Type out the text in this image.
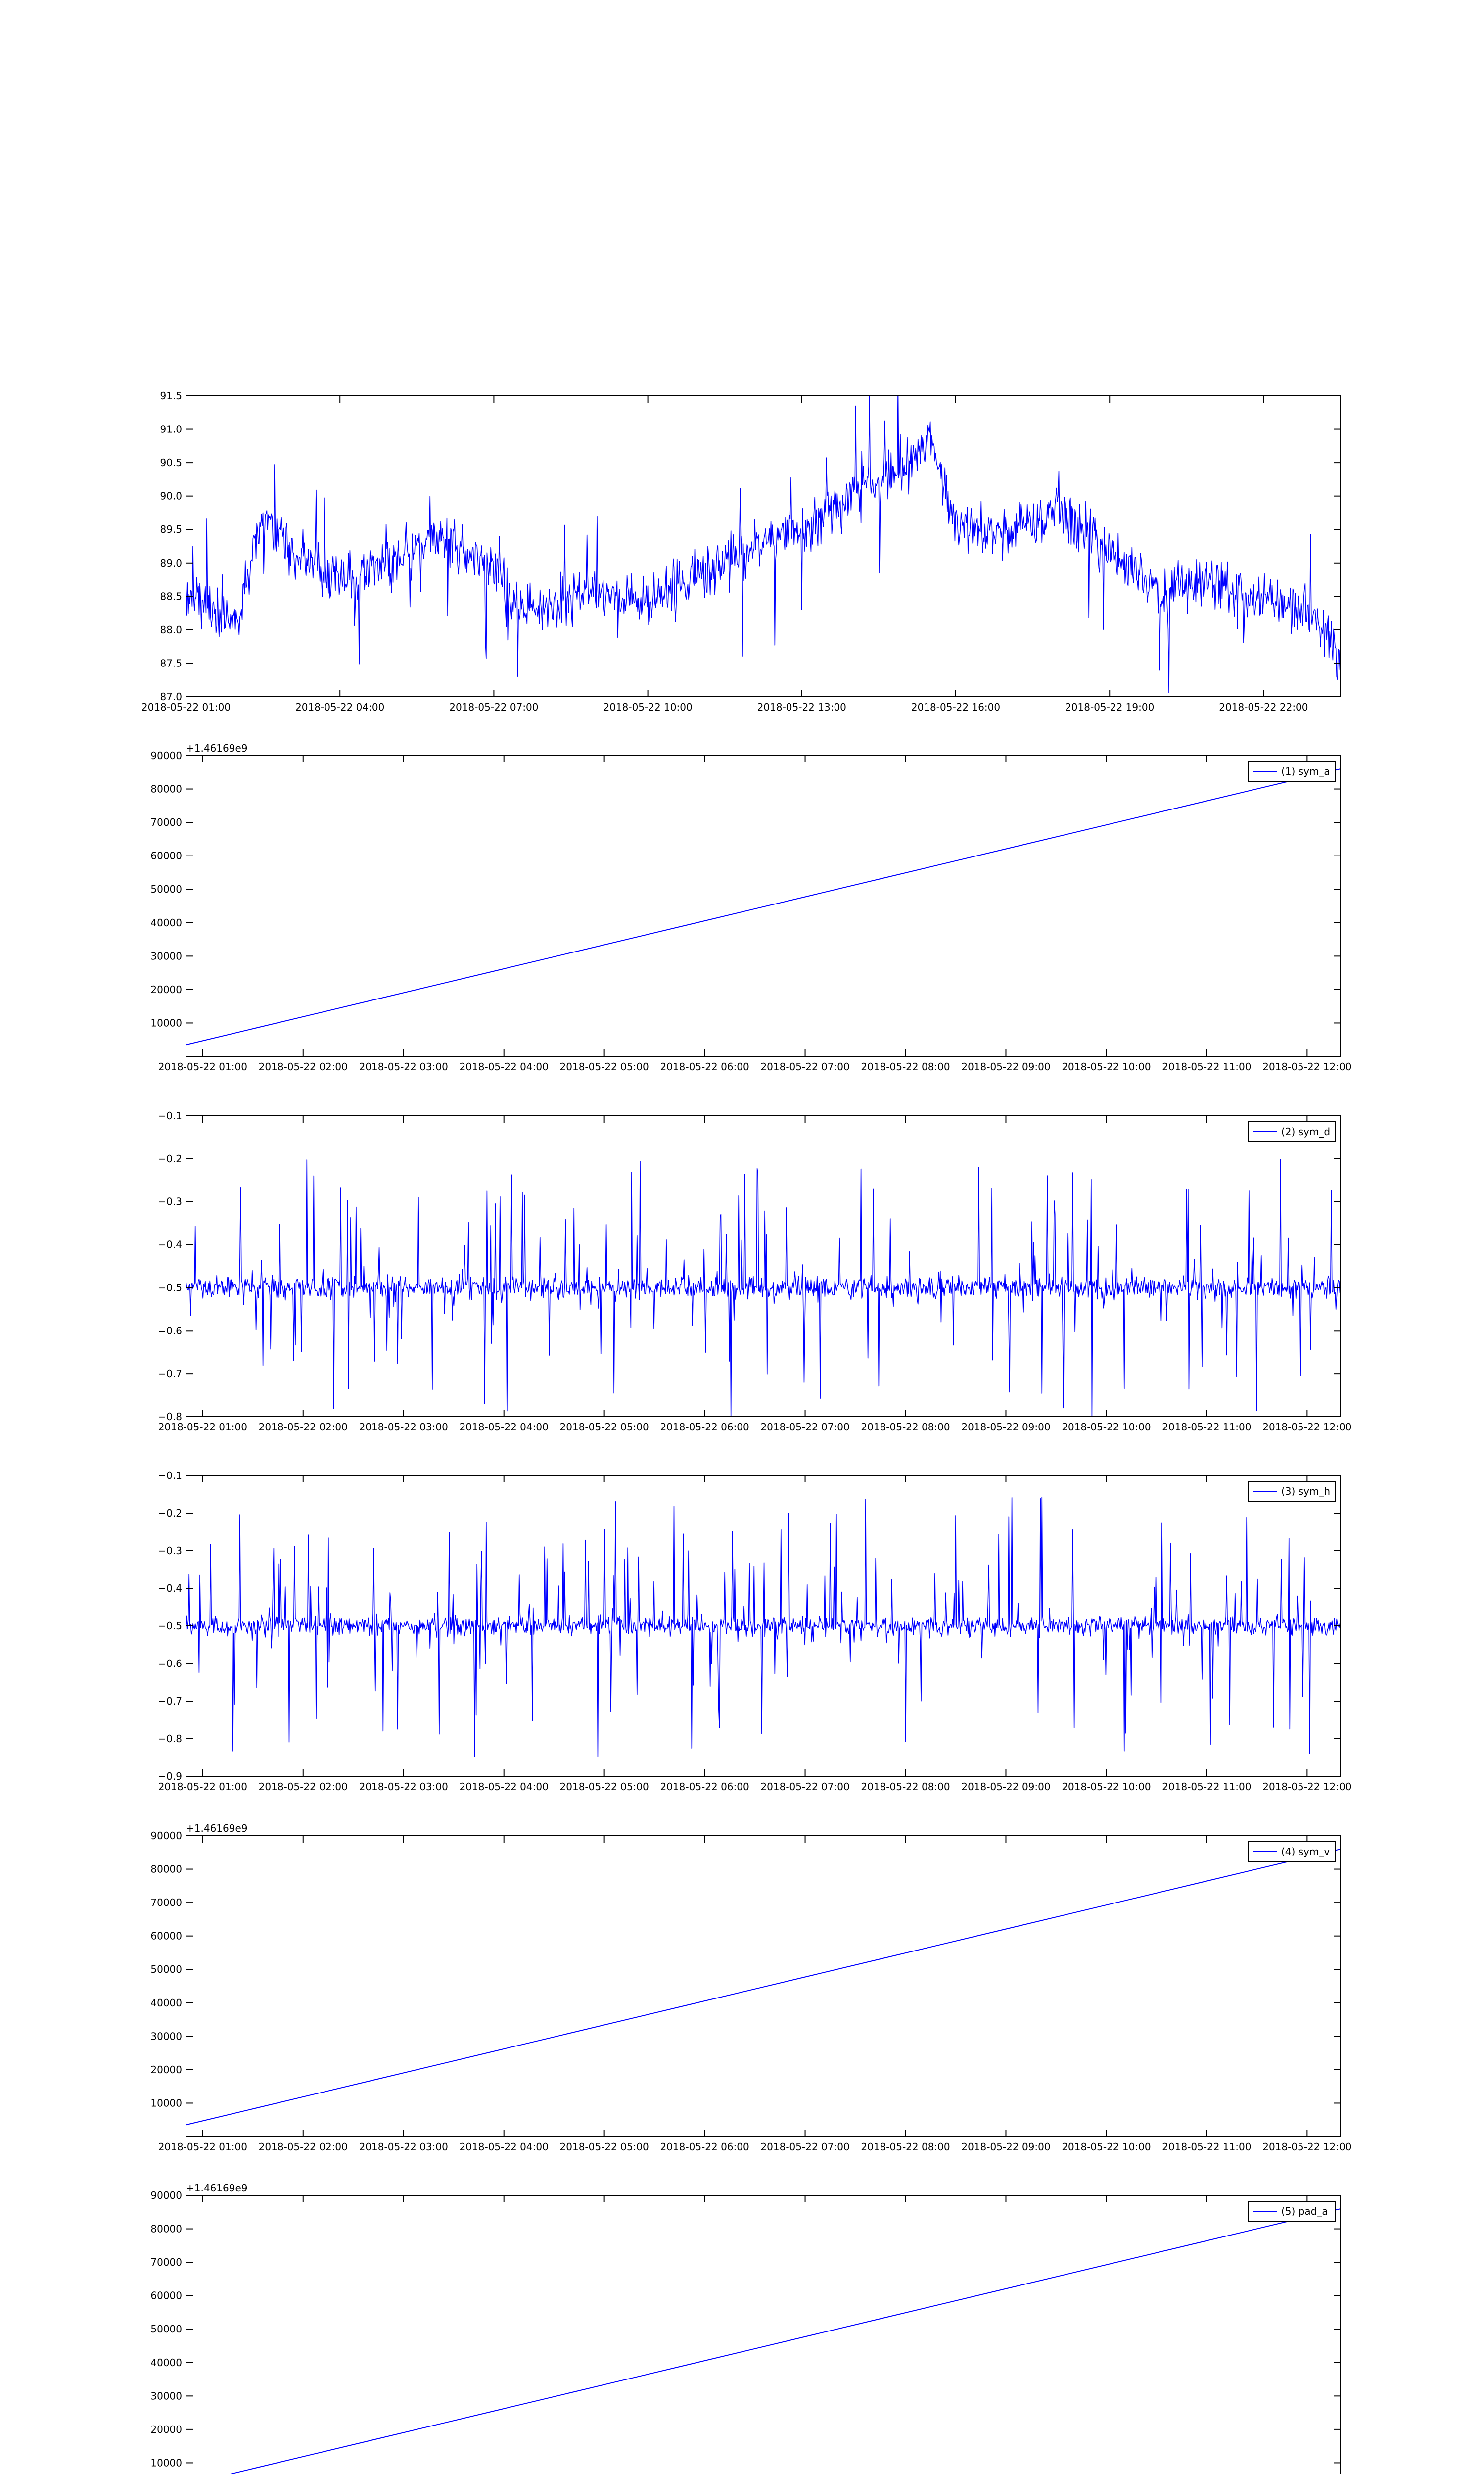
2018-05-22 01:00	2018-05-22 04:00	2018-05-22 07:00	2018-05-22 10:00	2018-05-22 13:00	2018-05-22 16:00	2018-05-22 19:00	2018-05-22 22:00
87.0
87.5
88.0
88.5
89.0
89.5
90.0
90.5
91.0
91.5
2018-05-22 01:00 2018-05-22 02:00 2018-05-22 03:00 2018-05-22 04:00 2018-05-22 05:00 2018-05-22 06:00 2018-05-22 07:00 2018-05-22 08:00 2018-05-22 09:00 2018-05-22 10:00 2018-05-22 11:00 2018-05-22 12:00
10000
20000
30000
40000
50000
60000
70000
80000
90000
+1.46169e9
(1) sym_a
2018-05-22 01:00 2018-05-22 02:00 2018-05-22 03:00 2018-05-22 04:00 2018-05-22 05:00 2018-05-22 06:00 2018-05-22 07:00 2018-05-22 08:00 2018-05-22 09:00 2018-05-22 10:00 2018-05-22 11:00 2018-05-22 12:00
−0.8
−0.7
−0.6
−0.5
−0.4
−0.3
−0.2
−0.1
(2) sym_d
2018-05-22 01:00 2018-05-22 02:00 2018-05-22 03:00 2018-05-22 04:00 2018-05-22 05:00 2018-05-22 06:00 2018-05-22 07:00 2018-05-22 08:00 2018-05-22 09:00 2018-05-22 10:00 2018-05-22 11:00 2018-05-22 12:00
−0.9
−0.8
−0.7
−0.6
−0.5
−0.4
−0.3
−0.2
−0.1
(3) sym_h
2018-05-22 01:00 2018-05-22 02:00 2018-05-22 03:00 2018-05-22 04:00 2018-05-22 05:00 2018-05-22 06:00 2018-05-22 07:00 2018-05-22 08:00 2018-05-22 09:00 2018-05-22 10:00 2018-05-22 11:00 2018-05-22 12:00
10000
20000
30000
40000
50000
60000
70000
80000
90000
+1.46169e9
(4) sym_v
10000
20000
30000
40000
50000
60000
70000
80000
90000
+1.46169e9
(5) pad_a
